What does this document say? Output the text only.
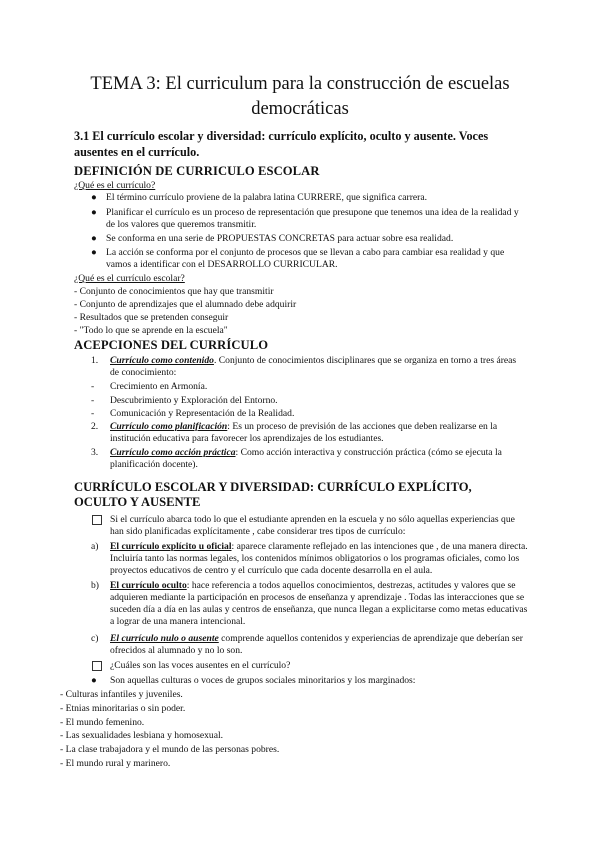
TEMA 3: El curriculum para la construcción de escuelas democráticas
3.1 El currículo escolar y diversidad: currículo explícito, oculto y ausente. Voces ausentes en el currículo.
DEFINICIÓN DE CURRICULO ESCOLAR
¿Qué es el currículo?
● El término currículo proviene de la palabra latina CURRERE, que significa carrera.
● Planificar el currículo es un proceso de representación que presupone que tenemos una idea de la realidad y de los valores que queremos transmitir.
● Se conforma en una serie de PROPUESTAS CONCRETAS para actuar sobre esa realidad.
● La acción se conforma por el conjunto de procesos que se llevan a cabo para cambiar esa realidad y que vamos a identificar con el DESARROLLO CURRICULAR.
¿Qué es el currículo escolar?
- Conjunto de conocimientos que hay que transmitir
- Conjunto de aprendizajes que el alumnado debe adquirir
- Resultados que se pretenden conseguir
- "Todo lo que se aprende en la escuela"
ACEPCIONES DEL CURRÍCULO
1. Currículo como contenido. Conjunto de conocimientos disciplinares que se organiza en torno a tres áreas de conocimiento:
- Crecimiento en Armonía.
- Descubrimiento y Exploración del Entorno.
- Comunicación y Representación de la Realidad.
2. Currículo como planificación: Es un proceso de previsión de las acciones que deben realizarse en la institución educativa para favorecer los aprendizajes de los estudiantes.
3. Currículo como acción práctica: Como acción interactiva y construcción práctica (cómo se ejecuta la planificación docente).
CURRÍCULO ESCOLAR Y DIVERSIDAD: CURRÍCULO EXPLÍCITO, OCULTO Y AUSENTE
Si el currículo abarca todo lo que el estudiante aprenden en la escuela y no sólo aquellas experiencias que han sido planificadas explícitamente , cabe considerar tres tipos de currículo:
a) El currículo explícito u oficial: aparece claramente reflejado en las intenciones que , de una manera directa. Incluiría tanto las normas legales, los contenidos mínimos obligatorios o los programas oficiales, como los proyectos educativos de centro y el currículo que cada docente desarrolla en el aula.
b) El currículo oculto: hace referencia a todos aquellos conocimientos, destrezas, actitudes y valores que se adquieren mediante la participación en procesos de enseñanza y aprendizaje . Todas las interacciones que se suceden día a día en las aulas y centros de enseñanza, que nunca llegan a explicitarse como metas educativas a lograr de una manera intencional.
c) El currículo nulo o ausente comprende aquellos contenidos y experiencias de aprendizaje que deberían ser ofrecidos al alumnado y no lo son.
¿Cuáles son las voces ausentes en el currículo?
● Son aquellas culturas o voces de grupos sociales minoritarios y los marginados:
- Culturas infantiles y juveniles.
- Etnias minoritarias o sin poder.
- El mundo femenino.
- Las sexualidades lesbiana y homosexual.
- La clase trabajadora y el mundo de las personas pobres.
- El mundo rural y marinero.
